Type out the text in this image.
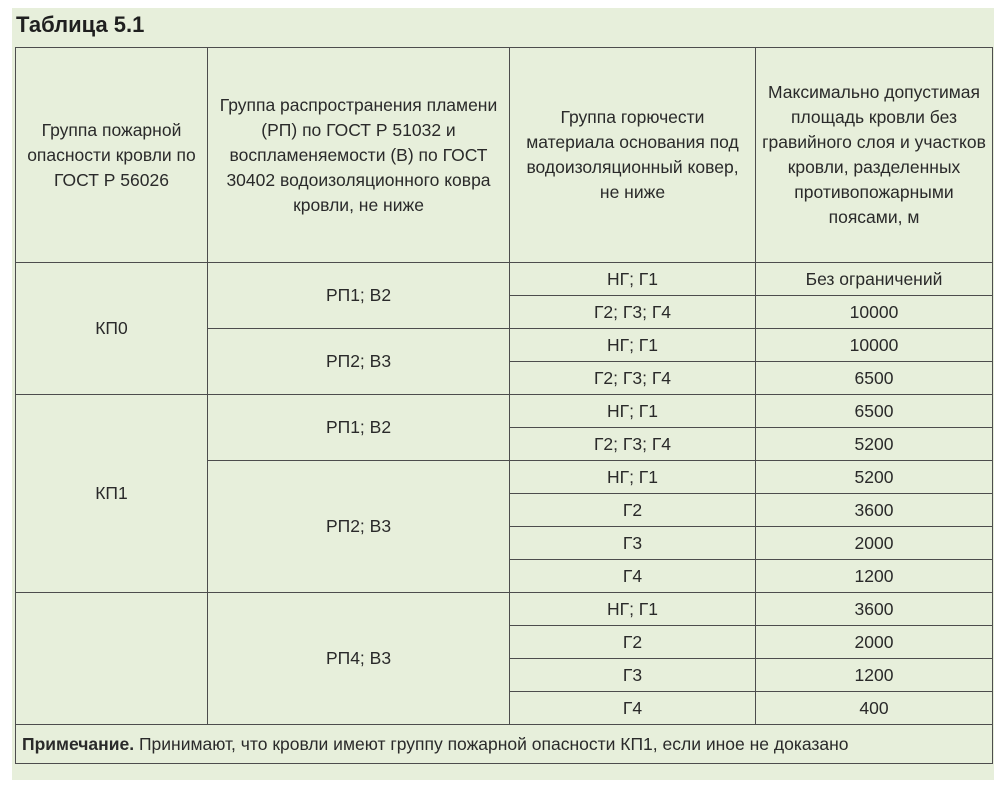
Таблица 5.1
Группа пожарной опасности кровли по ГОСТ Р 56026	Группа распространения пламени (РП) по ГОСТ Р 51032 и воспламеняемости (В) по ГОСТ 30402 водоизоляционного ковра кровли, не ниже	Группа горючести материала основания под водоизоляционный ковер, не ниже	Максимально допустимая площадь кровли без гравийного слоя и участков кровли, разделенных противопожарными поясами, м
КП0	РП1; В2	НГ; Г1	Без ограничений
		Г2; Г3; Г4	10000
	РП2; В3	НГ; Г1	10000
		Г2; Г3; Г4	6500
КП1	РП1; В2	НГ; Г1	6500
		Г2; Г3; Г4	5200
	РП2; В3	НГ; Г1	5200
		Г2	3600
		Г3	2000
		Г4	1200
	РП4; В3	НГ; Г1	3600
		Г2	2000
		Г3	1200
		Г4	400
Примечание. Принимают, что кровли имеют группу пожарной опасности КП1, если иное не доказано			
